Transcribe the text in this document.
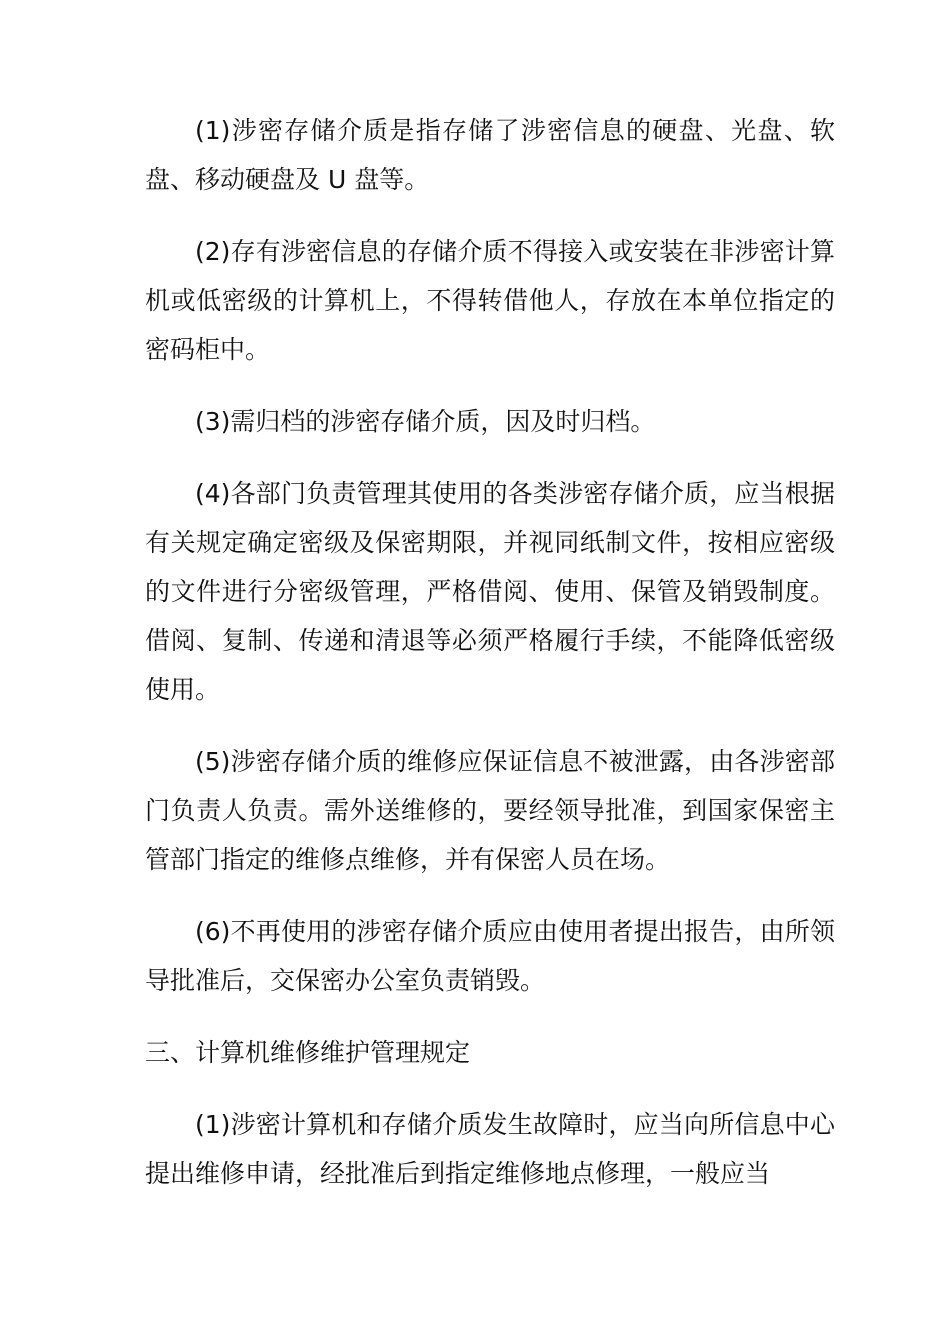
(1)涉密存储介质是指存储了涉密信息的硬盘、光盘、软盘、移动硬盘及 U 盘等。

(2)存有涉密信息的存储介质不得接入或安装在非涉密计算机或低密级的计算机上，不得转借他人，存放在本单位指定的密码柜中。

(3)需归档的涉密存储介质，因及时归档。

(4)各部门负责管理其使用的各类涉密存储介质，应当根据有关规定确定密级及保密期限，并视同纸制文件，按相应密级的文件进行分密级管理，严格借阅、使用、保管及销毁制度。借阅、复制、传递和清退等必须严格履行手续，不能降低密级使用。

(5)涉密存储介质的维修应保证信息不被泄露，由各涉密部门负责人负责。需外送维修的，要经领导批准，到国家保密主管部门指定的维修点维修，并有保密人员在场。

(6)不再使用的涉密存储介质应由使用者提出报告，由所领导批准后，交保密办公室负责销毁。

三、计算机维修维护管理规定

(1)涉密计算机和存储介质发生故障时，应当向所信息中心提出维修申请，经批准后到指定维修地点修理，一般应当
